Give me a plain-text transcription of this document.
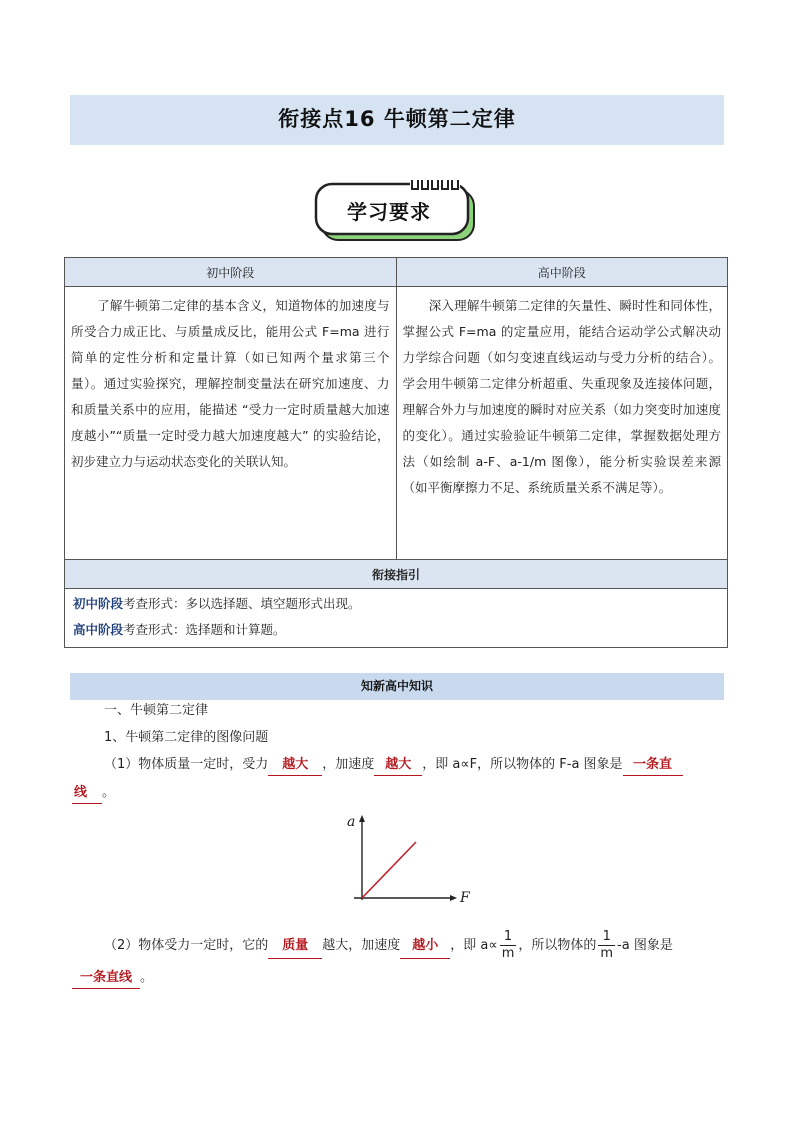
衔接点16 牛顿第二定律
学习要求
初中阶段	高中阶段
了解牛顿第二定律的基本含义，知道物体的加速度与所受合力成正比、与质量成反比，能用公式 F=ma 进行简单的定性分析和定量计算（如已知两个量求第三个量）。通过实验探究，理解控制变量法在研究加速度、力和质量关系中的应用，能描述 “受力一定时质量越大加速度越小”“质量一定时受力越大加速度越大” 的实验结论，初步建立力与运动状态变化的关联认知。	深入理解牛顿第二定律的矢量性、瞬时性和同体性，掌握公式 F=ma 的定量应用，能结合运动学公式解决动力学综合问题（如匀变速直线运动与受力分析的结合）。学会用牛顿第二定律分析超重、失重现象及连接体问题，理解合外力与加速度的瞬时对应关系（如力突变时加速度的变化）。通过实验验证牛顿第二定律，掌握数据处理方法（如绘制 a-F、a-1/m 图像），能分析实验误差来源（如平衡摩擦力不足、系统质量关系不满足等）。
衔接指引	

初中阶段考查形式：多以选择题、填空题形式出现。
高中阶段考查形式：选择题和计算题。	
知新高中知识
一、牛顿第二定律
1、牛顿第二定律的图像问题
（1）物体质量一定时，受力 越大 ，加速度 越大 ，即 a∝F，所以物体的 F-a 图象是 一条直
线 。
a
F
（2）物体受力一定时，它的 质量 越大，加速度 越小 ，即 $a\propto \frac{1}{m}$ ，所以物体的 $\frac{1}{m} -a$ 图象是
一条直线 。
